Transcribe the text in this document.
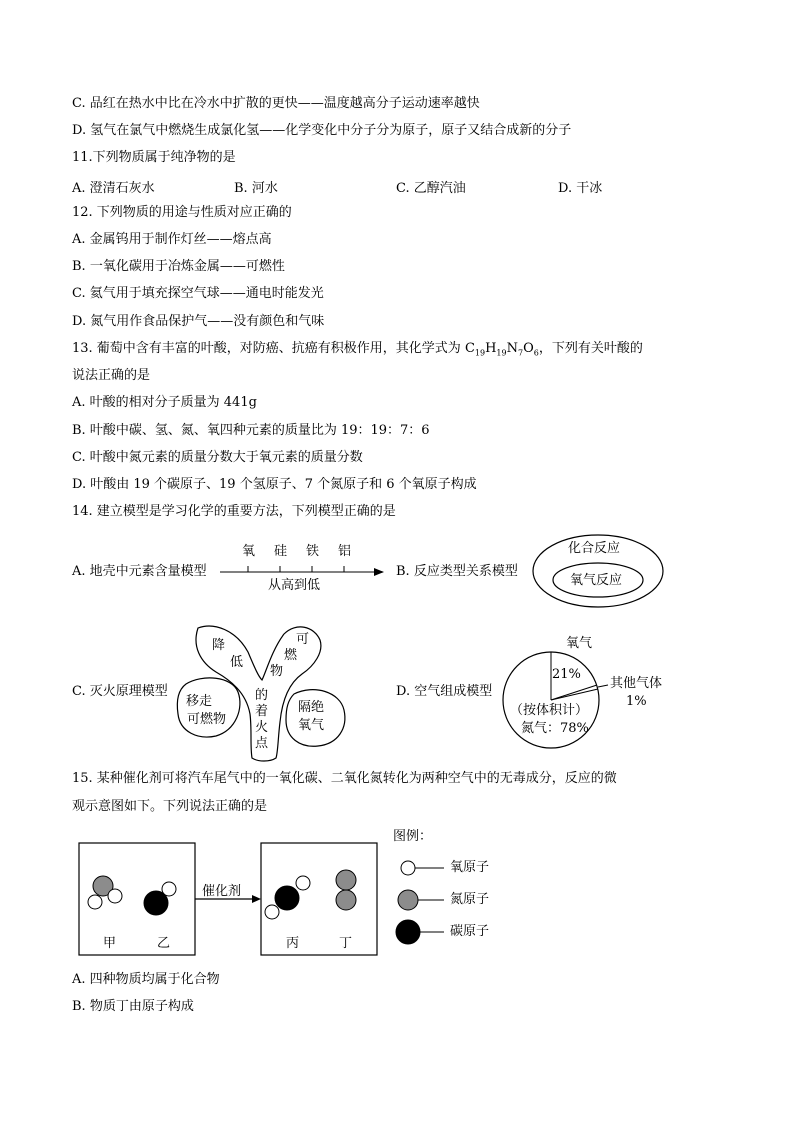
C. 品红在热水中比在冷水中扩散的更快——温度越高分子运动速率越快
D. 氢气在氯气中燃烧生成氯化氢——化学变化中分子分为原子，原子又结合成新的分子
11.下列物质属于纯净物的是
A. 澄清石灰水	B. 河水	C. 乙醇汽油	D. 干冰
12. 下列物质的用途与性质对应正确的
A. 金属钨用于制作灯丝——熔点高
B. 一氧化碳用于冶炼金属——可燃性
C. 氦气用于填充探空气球——通电时能发光
D. 氮气用作食品保护气——没有颜色和气味
13. 葡萄中含有丰富的叶酸，对防癌、抗癌有积极作用，其化学式为 $C_{19}H_{19}N_7O_6$，下列有关叶酸的
说法正确的是
A. 叶酸的相对分子质量为 441g
B. 叶酸中碳、氢、氮、氧四种元素的质量比为 19：19：7：6
C. 叶酸中氮元素的质量分数大于氧元素的质量分数
D. 叶酸由 19 个碳原子、19 个氢原子、7 个氮原子和 6 个氧原子构成
14. 建立模型是学习化学的重要方法，下列模型正确的是
A. 地壳中元素含量模型
氧 硅 铁 铝
从高到低
B. 反应类型关系模型
化合反应
氧气反应
C. 灭火原理模型
降
低
可
燃
物
的
着
火
点
移走
可燃物
隔绝
氧气
D. 空气组成模型
氧气
21%
其他气体
1%
（按体积计）
氮气：78%
15. 某种催化剂可将汽车尾气中的一氧化碳、二氧化氮转化为两种空气中的无毒成分，反应的微
观示意图如下。下列说法正确的是
催化剂
甲	乙	丙	丁
图例：
氧原子
氮原子
碳原子
A. 四种物质均属于化合物
B. 物质丁由原子构成
